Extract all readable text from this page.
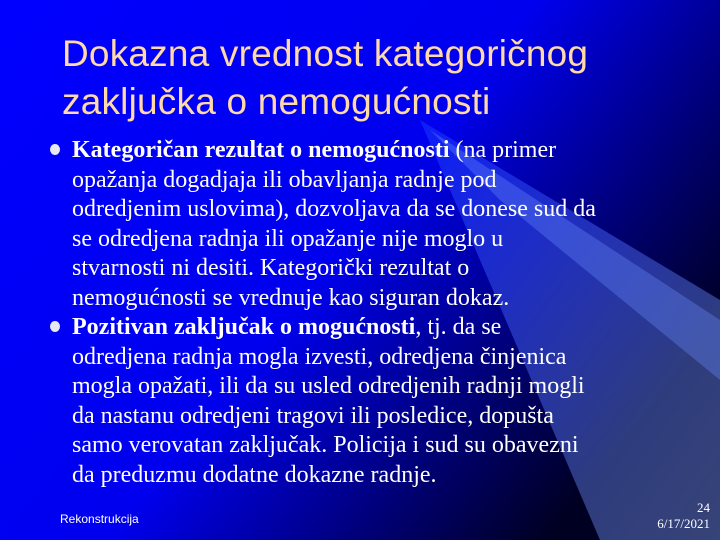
Dokazna vrednost kategoričnog
zaključka o nemogućnosti
Kategoričan rezultat o nemogućnosti (na primer
opažanja dogadjaja ili obavljanja radnje pod
odredjenim uslovima), dozvoljava da se donese sud da
se odredjena radnja ili opažanje nije moglo u
stvarnosti ni desiti. Kategorički rezultat o
nemogućnosti se vrednuje kao siguran dokaz.
Pozitivan zaključak o mogućnosti, tj. da se
odredjena radnja mogla izvesti, odredjena činjenica
mogla opažati, ili da su usled odredjenih radnji mogli
da nastanu odredjeni tragovi ili posledice, dopušta
samo verovatan zaključak. Policija i sud su obavezni
da preduzmu dodatne dokazne radnje.
Rekonstrukcija
24
6/17/2021
